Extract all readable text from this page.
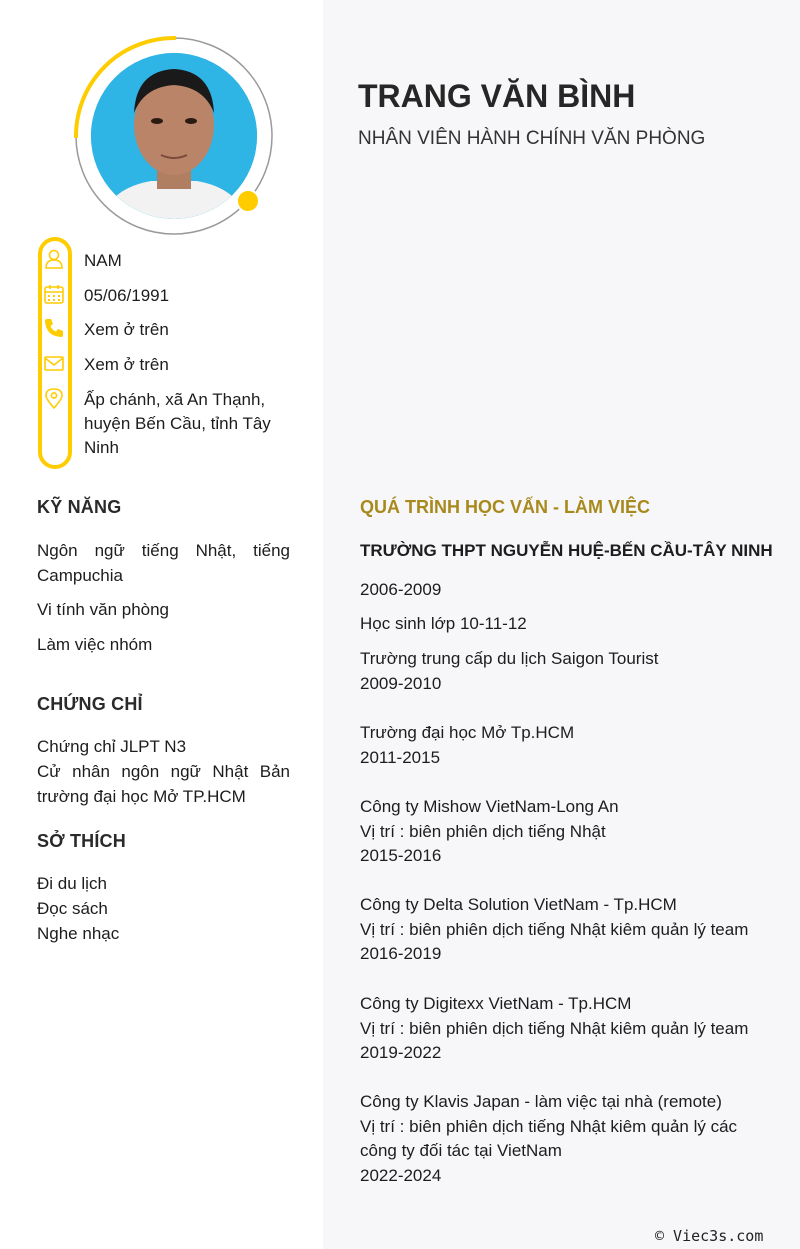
NAM
05/06/1991
Xem ở trên
Xem ở trên
Ấp chánh, xã An Thạnh, huyện Bến Cầu, tỉnh Tây Ninh
KỸ NĂNG
Ngôn ngữ tiếng Nhật, tiếng Campuchia
Vi tính văn phòng
Làm việc nhóm
CHỨNG CHỈ
Chứng chỉ JLPT N3
Cử nhân ngôn ngữ Nhật Bản trường đại học Mở TP.HCM
SỞ THÍCH
Đi du lịch
Đọc sách
Nghe nhạc
TRANG VĂN BÌNH
NHÂN VIÊN HÀNH CHÍNH VĂN PHÒNG
QUÁ TRÌNH HỌC VẤN - LÀM VIỆC
TRƯỜNG THPT NGUYỄN HUỆ-BẾN CẦU-TÂY NINH
2006-2009
Học sinh lớp 10-11-12
Trường trung cấp du lịch Saigon Tourist
2009-2010
Trường đại học Mở Tp.HCM
2011-2015
Công ty Mishow VietNam-Long An
Vị trí : biên phiên dịch tiếng Nhật
2015-2016
Công ty Delta Solution VietNam - Tp.HCM
Vị trí : biên phiên dịch tiếng Nhật kiêm quản lý team
2016-2019
Công ty Digitexx VietNam - Tp.HCM
Vị trí : biên phiên dịch tiếng Nhật kiêm quản lý team
2019-2022
Công ty Klavis Japan - làm việc tại nhà (remote)
Vị trí : biên phiên dịch tiếng Nhật kiêm quản lý các công ty đối tác tại VietNam
2022-2024
© Viec3s.com
